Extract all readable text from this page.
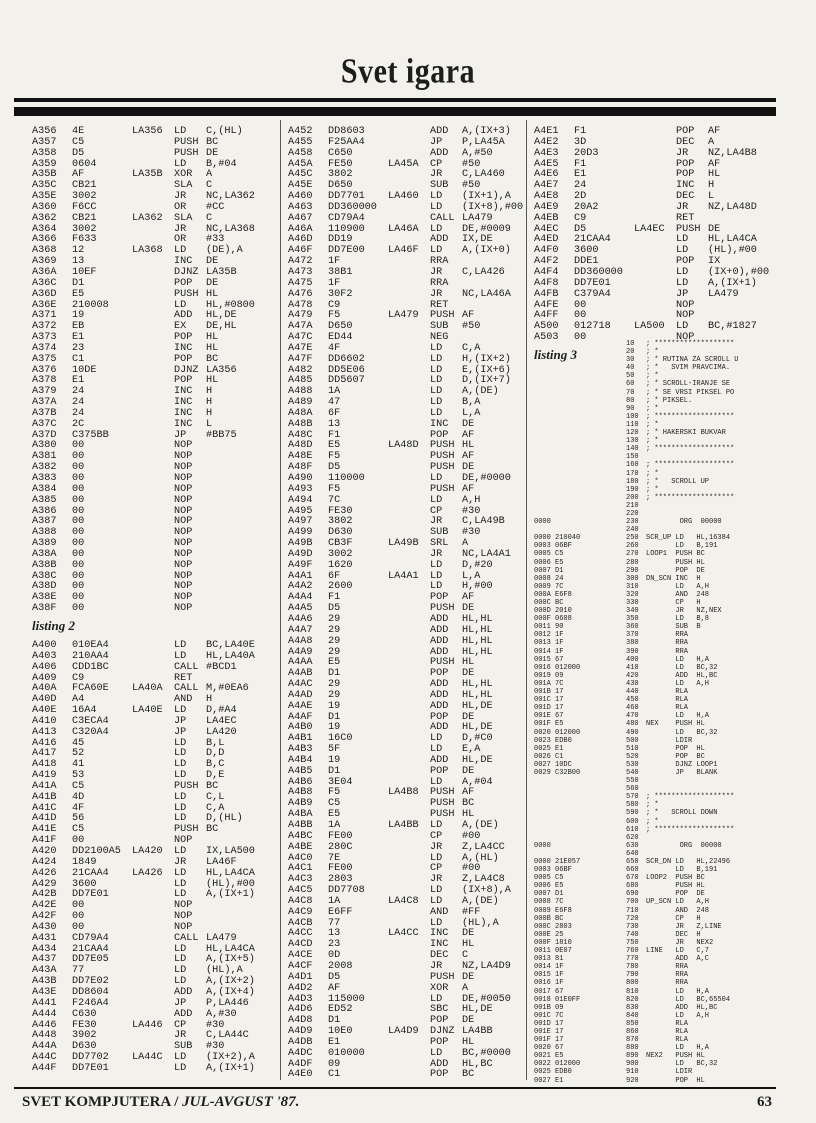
Svet igara
A356 4E	LA356 LD C,(HL)
A357 C5	PUSH BC
A358 D5	PUSH DE
A359 0604	LD B,#04
A35B AF	LA35B XOR A
A35C CB21	SLA C
A35E 3002	JR NC,LA362
A360 F6CC	OR #CC
A362 CB21	LA362 SLA C
A364 3002	JR NC,LA368
A366 F633	OR #33
A368 12	LA368 LD (DE),A
A369 13	INC DE
A36A 10EF	DJNZ LA35B
A36C D1	POP DE
A36D E5	PUSH HL
A36E 210008	LD HL,#0800
A371 19	ADD HL,DE
A372 EB	EX DE,HL
A373 E1	POP HL
A374 23	INC HL
A375 C1	POP BC
A376 10DE	DJNZ LA356
A378 E1	POP HL
A379 24	INC H
A37A 24	INC H
A37B 24	INC H
A37C 2C	INC L
A37D C375BB	JP #BB75
A380 00	NOP
A381 00	NOP
A382 00	NOP
A383 00	NOP
A384 00	NOP
A385 00	NOP
A386 00	NOP
A387 00	NOP
A388 00	NOP
A389 00	NOP
A38A 00	NOP
A38B 00	NOP
A38C 00	NOP
A38D 00	NOP
A38E 00	NOP
A38F 00	NOP
listing 2
A400 010EA4	LD BC,LA40E
A403 210AA4	LD HL,LA40A
A406 CDD1BC	CALL #BCD1
A409 C9	RET
A40A FCA60E LA40A CALL M,#0EA6
A40D A4	AND H
A40E 16A4	LA40E LD D,#A4
A410 C3ECA4	JP LA4EC
A413 C320A4	JP LA420
A416 45	LD B,L
A417 52	LD D,D
A418 41	LD B,C
A419 53	LD D,E
A41A C5	PUSH BC
A41B 4D	LD C,L
A41C 4F	LD C,A
A41D 56	LD D,(HL)
A41E C5	PUSH BC
A41F 00	NOP
A420 DD2100A5 LA420 LD IX,LA500
A424 1849	JR LA46F
A426 21CAA4 LA426 LD HL,LA4CA
A429 3600	LD (HL),#00
A42B DD7E01	LD A,(IX+1)
A42E 00	NOP
A42F 00	NOP
A430 00	NOP
A431 CD79A4	CALL LA479
A434 21CAA4	LD HL,LA4CA
A437 DD7E05	LD A,(IX+5)
A43A 77	LD (HL),A
A43B DD7E02	LD A,(IX+2)
A43E DD8604	ADD A,(IX+4)
A441 F246A4	JP P,LA446
A444 C630	ADD A,#30
A446 FE30	LA446 CP #30
A448 3902	JR C,LA44C
A44A D630	SUB #30
A44C DD7702 LA44C LD (IX+2),A
A44F DD7E01	LD A,(IX+1)
A452 DD8603	ADD A,(IX+3)
A455 F25AA4	JP P,LA45A
A458 C650	ADD A,#50
A45A FE50	LA45A CP #50
A45C 3802	JR C,LA460
A45E D650	SUB #50
A460 DD7701 LA460 LD (IX+1),A
A463 DD360000	LD (IX+8),#00
A467 CD79A4	CALL LA479
A46A 110900 LA46A LD DE,#0009
A46D DD19	ADD IX,DE
A46F DD7E00 LA46F LD A,(IX+0)
A472 1F	RRA
A473 38B1	JR C,LA426
A475 1F	RRA
A476 30F2	JR NC,LA46A
A478 C9	RET
A479 F5	LA479 PUSH AF
A47A D650	SUB #50
A47C ED44	NEG
A47E 4F	LD C,A
A47F DD6602	LD H,(IX+2)
A482 DD5E06	LD E,(IX+6)
A485 DD5607	LD D,(IX+7)
A488 1A	LD A,(DE)
A489 47	LD B,A
A48A 6F	LD L,A
A48B 13	INC DE
A48C F1	POP AF
A48D E5	LA48D PUSH HL
A48E F5	PUSH AF
A48F D5	PUSH DE
A490 110000	LD DE,#0000
A493 F5	PUSH AF
A494 7C	LD A,H
A495 FE30	CP #30
A497 3802	JR C,LA49B
A499 D630	SUB #30
A49B CB3F	LA49B SRL A
A49D 3002	JR NC,LA4A1
A49F 1620	LD D,#20
A4A1 6F	LA4A1 LD L,A
A4A2 2600	LD H,#00
A4A4 F1	POP AF
A4A5 D5	PUSH DE
A4A6 29	ADD HL,HL
A4A7 29	ADD HL,HL
A4A8 29	ADD HL,HL
A4A9 29	ADD HL,HL
A4AA E5	PUSH HL
A4AB D1	POP DE
A4AC 29	ADD HL,HL
A4AD 29	ADD HL,HL
A4AE 19	ADD HL,DE
A4AF D1	POP DE
A4B0 19	ADD HL,DE
A4B1 16C0	LD D,#C0
A4B3 5F	LD E,A
A4B4 19	ADD HL,DE
A4B5 D1	POP DE
A4B6 3E04	LD A,#04
A4B8 F5	LA4B8 PUSH AF
A4B9 C5	PUSH BC
A4BA E5	PUSH HL
A4BB 1A	LA4BB LD A,(DE)
A4BC FE00	CP #00
A4BE 280C	JR Z,LA4CC
A4C0 7E	LD A,(HL)
A4C1 FE00	CP #00
A4C3 2803	JR Z,LA4C8
A4C5 DD7708	LD (IX+8),A
A4C8 1A	LA4C8 LD A,(DE)
A4C9 E6FF	AND #FF
A4CB 77	LD (HL),A
A4CC 13	LA4CC INC DE
A4CD 23	INC HL
A4CE 0D	DEC C
A4CF 2008	JR NZ,LA4D9
A4D1 D5	PUSH DE
A4D2 AF	XOR A
A4D3 115000	LD DE,#0050
A4D6 ED52	SBC HL,DE
A4D8 D1	POP DE
A4D9 10E0	LA4D9 DJNZ LA4BB
A4DB E1	POP HL
A4DC 010000	LD BC,#0000
A4DF 09	ADD HL,BC
A4E0 C1	POP BC
A4E1 F1	POP AF
A4E2 3D	DEC A
A4E3 20D3	JR NZ,LA4B8
A4E5 F1	POP AF
A4E6 E1	POP HL
A4E7 24	INC H
A4E8 2D	DEC L
A4E9 20A2	JR NZ,LA48D
A4EB C9	RET
A4EC D5	LA4EC PUSH DE
A4ED 21CAA4	LD HL,LA4CA
A4F0 3600	LD (HL),#00
A4F2 DDE1	POP IX
A4F4 DD360000	LD (IX+0),#00
A4F8 DD7E01	LD A,(IX+1)
A4FB C379A4	JP LA479
A4FE 00	NOP
A4FF 00	NOP
A500 012718 LA500 LD BC,#1827
A503 00	NOP
listing 3
10 ; *******************
20 ; *
30 ; * RUTINA ZA SCROLL U
40 ; *   SVIM PRAVCIMA.
50 ; *
60 ; * SCROLL-IRANJE SE
70 ; * SE VRSI PIKSEL PO
80 ; * PIKSEL.
90 ; *
100 ; *******************
110 ; *
120 ; * HAKERSKI BUKVAR
130 ; *
140 ; *******************
150
160 ; *******************
170 ; *
180 ; *   SCROLL UP
190 ; *
200 ; *******************
210
220
0000	230        ORG  00000
240
0000 210040	250 SCR_UP LD   HL,16384
0003 06BF	260       LD   B,191
0005 C5	270 LOOP1  PUSH BC
0006 E5	280       PUSH HL
0007 D1	290       POP  DE
0008 24	300 DN_SCN INC  H
0009 7C	310       LD   A,H
000A E6F8	320       AND  248
000C BC	330       CP   H
000D 2010	340       JR   NZ,NEX
000F 0608	350       LD   B,8
0011 90	360       SUB  B
0012 1F	370       RRA
0013 1F	380       RRA
0014 1F	390       RRA
0015 67	400       LD   H,A
0016 012000	410       LD   BC,32
0019 09	420       ADD  HL,BC
001A 7C	430       LD   A,H
001B 17	440       RLA
001C 17	450       RLA
001D 17	460       RLA
001E 67	470       LD   H,A
001F E5	480 NEX    PUSH HL
0020 012000	490       LD   BC,32
0023 EDB0	500       LDIR
0025 E1	510       POP  HL
0026 C1	520       POP  BC
0027 10DC	530       DJNZ LOOP1
0029 C32B00	540       JP   BLANK
550
560
570 ; *******************
580 ; *
590 ; *   SCROLL DOWN
600 ; *
610 ; *******************
620
0000	630        ORG  00000
640
0000 21E057	650 SCR_DN LD   HL,22496
0003 06BF	660       LD   B,191
0005 C5	670 LOOP2  PUSH BC
0006 E5	680       PUSH HL
0007 D1	690       POP  DE
0008 7C	700 UP_SCN LD   A,H
0009 E6F8	710       AND  248
000B BC	720       CP   H
000C 2803	730       JR   Z,LINE
000E 25	740       DEC  H
000F 1810	750       JR   NEX2
0011 0E07	760 LINE   LD   C,7
0013 81	770       ADD  A,C
0014 1F	780       RRA
0015 1F	790       RRA
0016 1F	800       RRA
0017 67	810       LD   H,A
0018 01E0FF	820       LD   BC,65504
001B 09	830       ADD  HL,BC
001C 7C	840       LD   A,H
001D 17	850       RLA
001E 17	860       RLA
001F 17	870       RLA
0020 67	880       LD   H,A
0021 E5	890 NEX2   PUSH HL
0022 012000	900       LD   BC,32
0025 EDB0	910       LDIR
0027 E1	920       POP  HL
SVET KOMPJUTERA / JUL-AVGUST '87.	63
